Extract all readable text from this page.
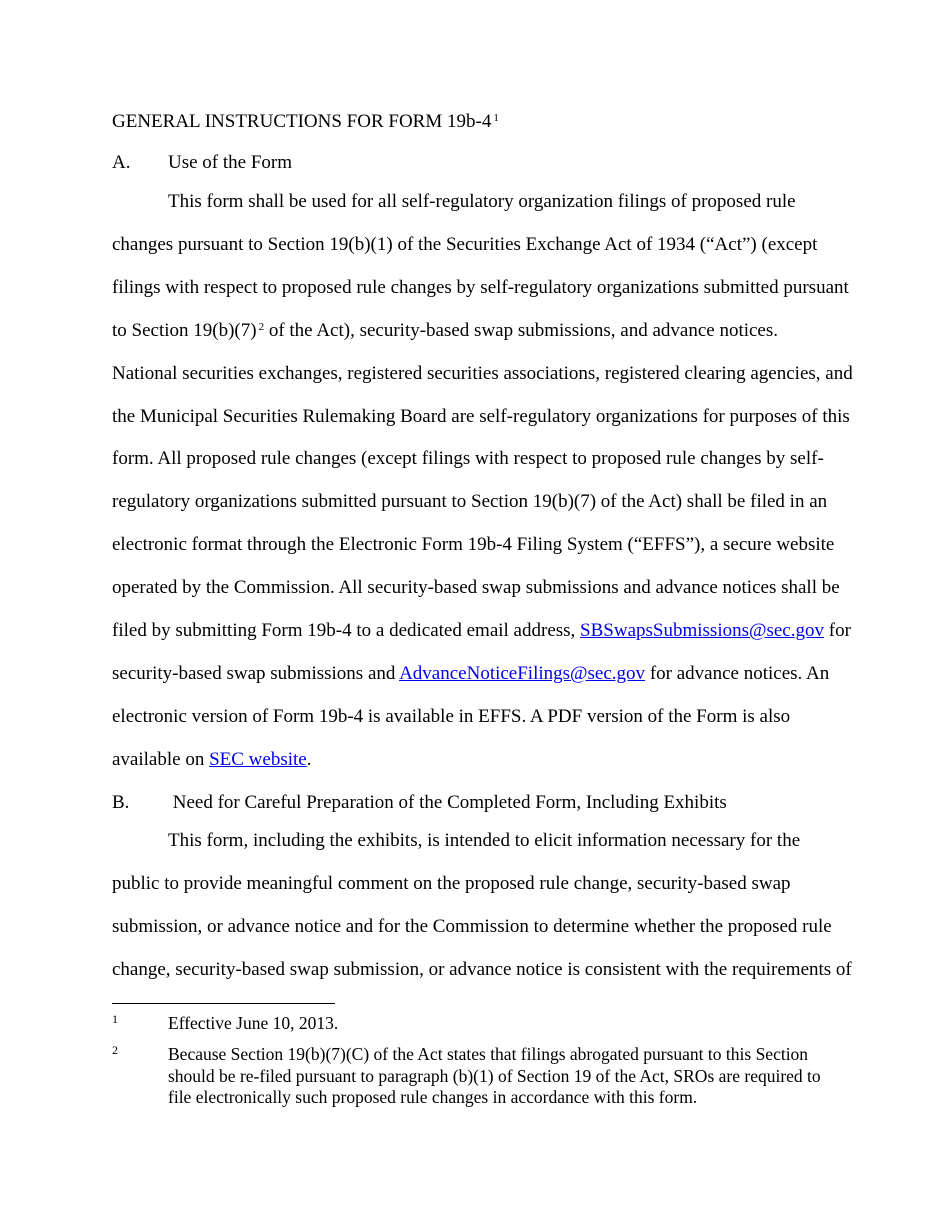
GENERAL INSTRUCTIONS FOR FORM 19b-4 $^1$
A. Use of the Form
This form shall be used for all self-regulatory organization filings of proposed rule
changes pursuant to Section 19(b)(1) of the Securities Exchange Act of 1934 (“Act”) (except
filings with respect to proposed rule changes by self-regulatory organizations submitted pursuant
to Section 19(b)(7) $^2$ of the Act), security-based swap submissions, and advance notices.
National securities exchanges, registered securities associations, registered clearing agencies, and
the Municipal Securities Rulemaking Board are self-regulatory organizations for purposes of this
form. All proposed rule changes (except filings with respect to proposed rule changes by self-
regulatory organizations submitted pursuant to Section 19(b)(7) of the Act) shall be filed in an
electronic format through the Electronic Form 19b-4 Filing System (“EFFS”), a secure website
operated by the Commission. All security-based swap submissions and advance notices shall be
filed by submitting Form 19b-4 to a dedicated email address, SBSwapsSubmissions@sec.gov for
security-based swap submissions and AdvanceNoticeFilings@sec.gov for advance notices. An
electronic version of Form 19b-4 is available in EFFS. A PDF version of the Form is also
available on SEC website.
B. Need for Careful Preparation of the Completed Form, Including Exhibits
This form, including the exhibits, is intended to elicit information necessary for the
public to provide meaningful comment on the proposed rule change, security-based swap
submission, or advance notice and for the Commission to determine whether the proposed rule
change, security-based swap submission, or advance notice is consistent with the requirements of
1	Effective June 10, 2013.
2	Because Section 19(b)(7)(C) of the Act states that filings abrogated pursuant to this Section should be re-filed pursuant to paragraph (b)(1) of Section 19 of the Act, SROs are required to file electronically such proposed rule changes in accordance with this form.
